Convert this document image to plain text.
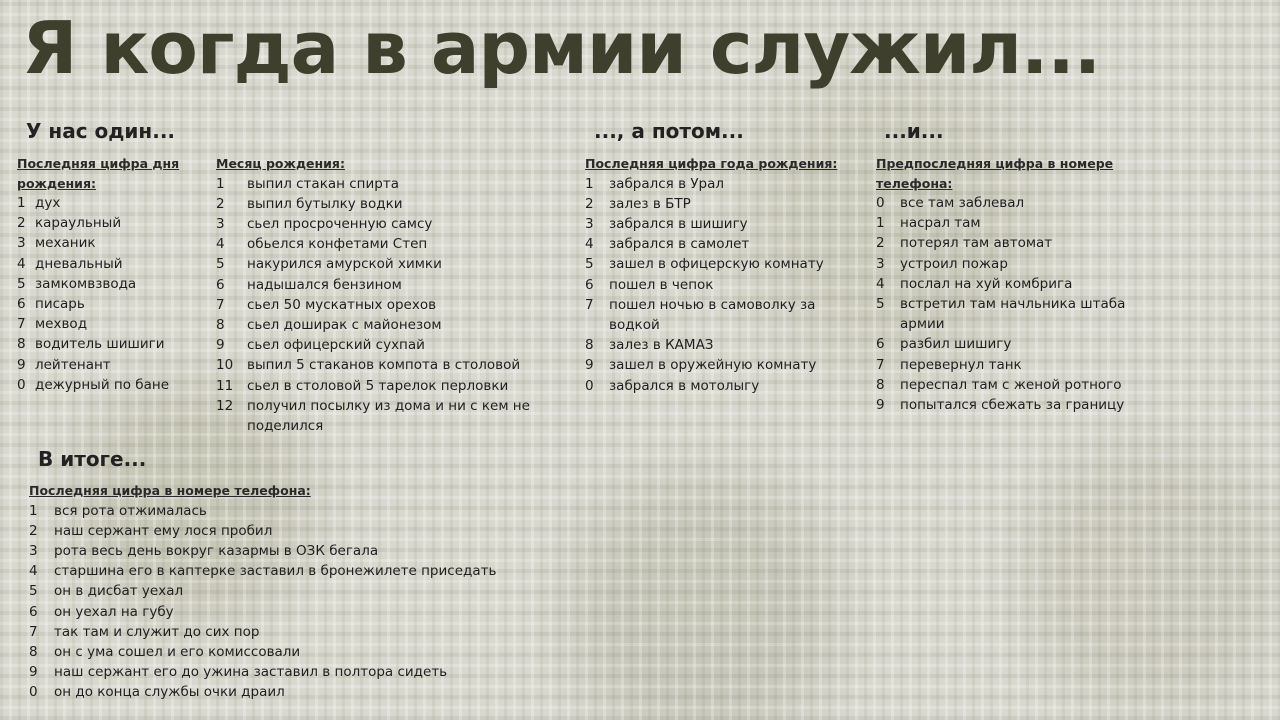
Я когда в армии служил...
У нас один...
Последняя цифра дня рождения:
1 дух
2 караульный
3 механик
4 дневальный
5 замкомвзвода
6 писарь
7 мехвод
8 водитель шишиги
9 лейтенант
0 дежурный по бане
Месяц рождения:
1	выпил стакан спирта
2	выпил бутылку водки
3	сьел просроченную самсу
4	обьелся конфетами Степ
5	накурился амурской химки
6	надышался бензином
7	сьел 50 мускатных орехов
8	сьел доширак с майонезом
9	сьел офицерский сухпай
10	выпил 5 стаканов компота в столовой
11	сьел в столовой 5 тарелок перловки
12	получил посылку из дома и ни с кем не поделился
..., а потом...
Последняя цифра года рождения:
1	забрался в Урал
2	залез в БТР
3	забрался в шишигу
4	забрался в самолет
5	зашел в офицерскую комнату
6	пошел в чепок
7	пошел ночью в самоволку за водкой
8	залез в КАМАЗ
9	зашел в оружейную комнату
0	забрался в мотолыгу
...и...
Предпоследняя цифра в номере телефона:
0	все там заблевал
1	насрал там
2	потерял там автомат
3	устроил пожар
4	послал на хуй комбрига
5	встретил там начльника штаба армии
6	разбил шишигу
7	перевернул танк
8	переспал там с женой ротного
9	попытался сбежать за границу
В итоге...
Последняя цифра в номере телефона:
1	вся рота отжималась
2	наш сержант ему лося пробил
3	рота весь день вокруг казармы в ОЗК бегала
4	старшина его в каптерке заставил в бронежилете приседать
5	он в дисбат уехал
6	он уехал на губу
7	так там и служит до сих пор
8	он с ума сошел и его комиссовали
9	наш сержант его до ужина заставил в полтора сидеть
0	он до конца службы очки драил
